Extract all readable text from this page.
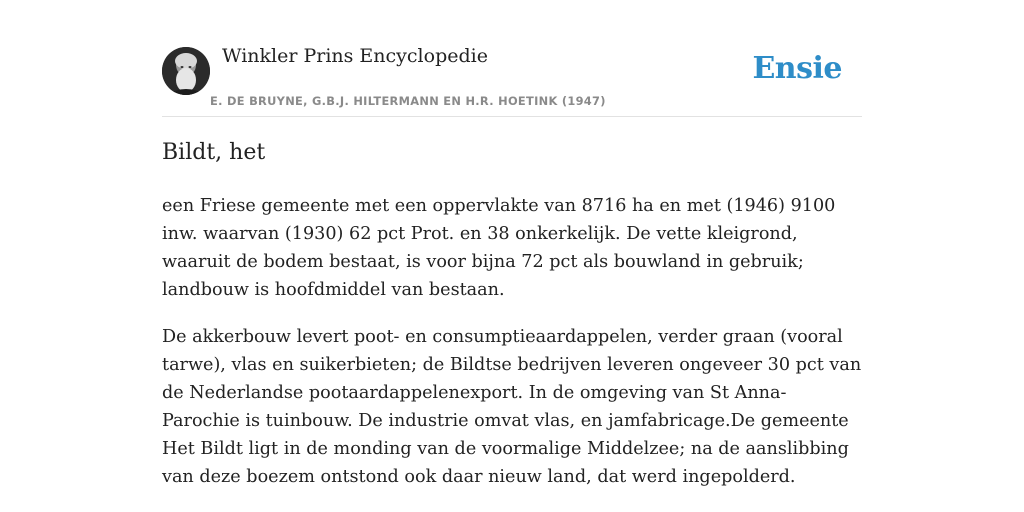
Winkler Prins Encyclopedie
E. DE BRUYNE, G.B.J. HILTERMANN EN H.R. HOETINK (1947)
Ensie
Bildt, het

een Friese gemeente met een oppervlakte van 8716 ha en met (1946) 9100 inw. waarvan (1930) 62 pct Prot. en 38 onkerkelijk. De vette kleigrond, waaruit de bodem bestaat, is voor bijna 72 pct als bouwland in gebruik; landbouw is hoofdmiddel van bestaan.

De akkerbouw levert poot- en consumptieaardappelen, verder graan (vooral tarwe), vlas en suikerbieten; de Bildtse bedrijven leveren ongeveer 30 pct van de Nederlandse pootaardappelenexport. In de omgeving van St Anna-Parochie is tuinbouw. De industrie omvat vlas, en jamfabricage.De gemeente Het Bildt ligt in de monding van de voormalige Middelzee; na de aanslibbing van deze boezem ontstond ook daar nieuw land, dat werd ingepolderd.
